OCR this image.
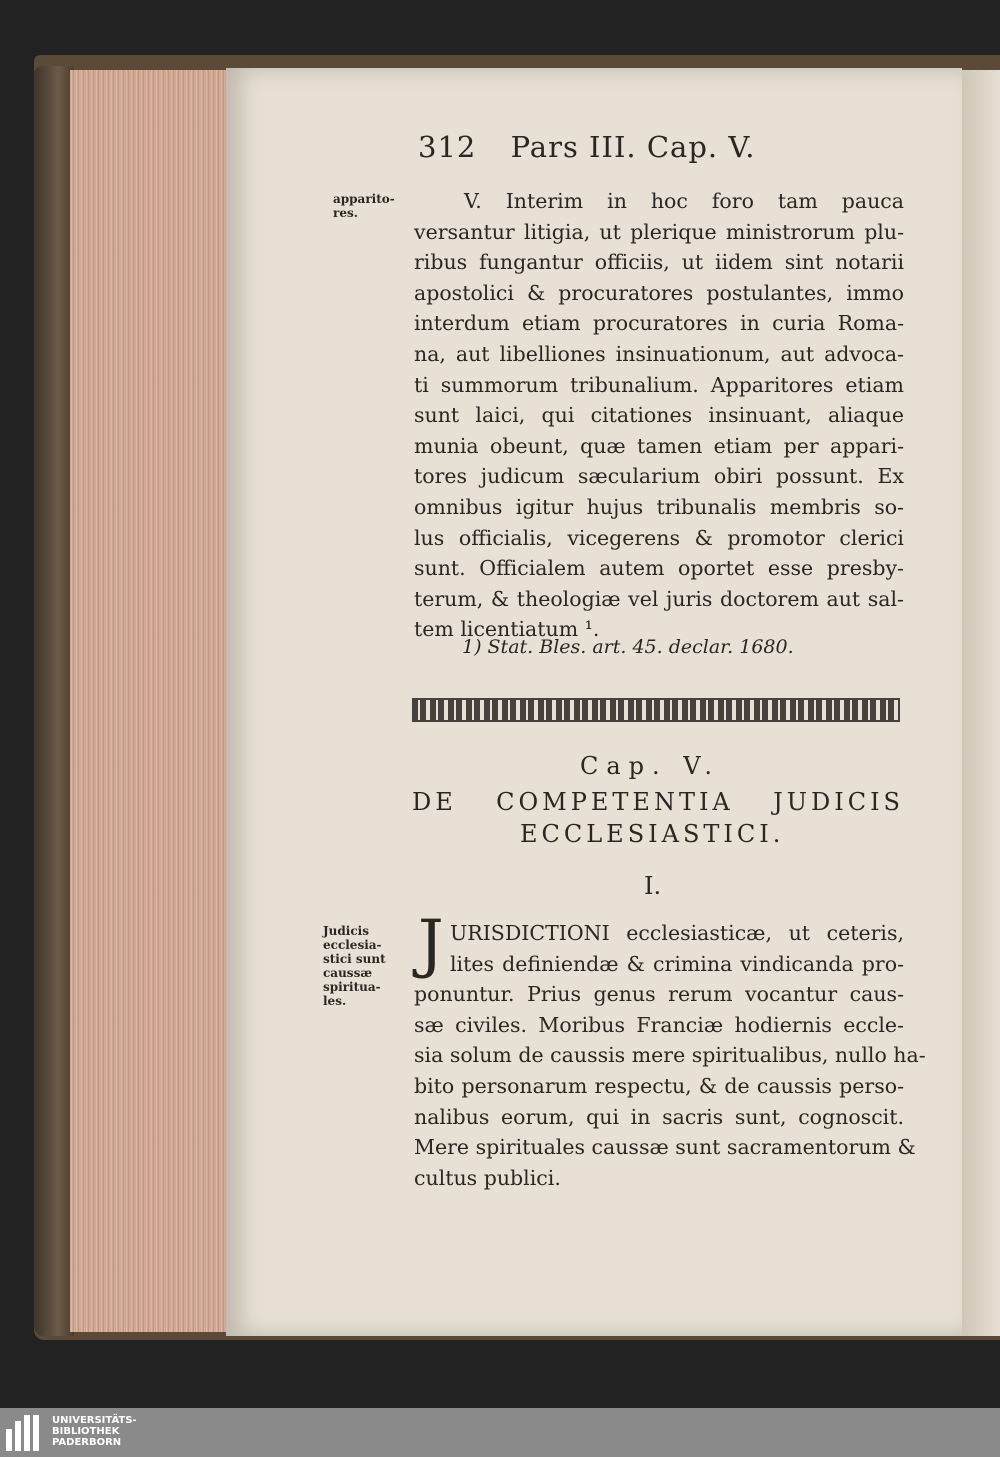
312 Pars III. Cap. V.
apparito- res.
Judicis ecclesia- stici sunt caussæ spiritua- les.
V. Interim in hoc foro tam pauca
versantur litigia, ut plerique ministrorum plu-
ribus fungantur officiis, ut iidem sint notarii
apostolici & procuratores postulantes, immo
interdum etiam procuratores in curia Roma-
na, aut libelliones insinuationum, aut advoca-
ti summorum tribunalium. Apparitores etiam
sunt laici, qui citationes insinuant, aliaque
munia obeunt, quæ tamen etiam per appari-
tores judicum sæcularium obiri possunt. Ex
omnibus igitur hujus tribunalis membris so-
lus officialis, vicegerens & promotor clerici
sunt. Officialem autem oportet esse presby-
terum, & theologiæ vel juris doctorem aut sal-
tem licentiatum ¹.
1) Stat. Bles. art. 45. declar. 1680.
Cap. V.
DE COMPETENTIA JUDICIS
ECCLESIASTICI.
I.
J URISDICTIONI ecclesiasticæ, ut ceteris,
lites definiendæ & crimina vindicanda pro-
ponuntur. Prius genus rerum vocantur caus-
sæ civiles. Moribus Franciæ hodiernis eccle-
sia solum de caussis mere spiritualibus, nullo ha-
bito personarum respectu, & de caussis perso-
nalibus eorum, qui in sacris sunt, cognoscit.
Mere spirituales caussæ sunt sacramentorum &
cultus publici.
UNIVERSITÄTS-
BIBLIOTHEK
PADERBORN
